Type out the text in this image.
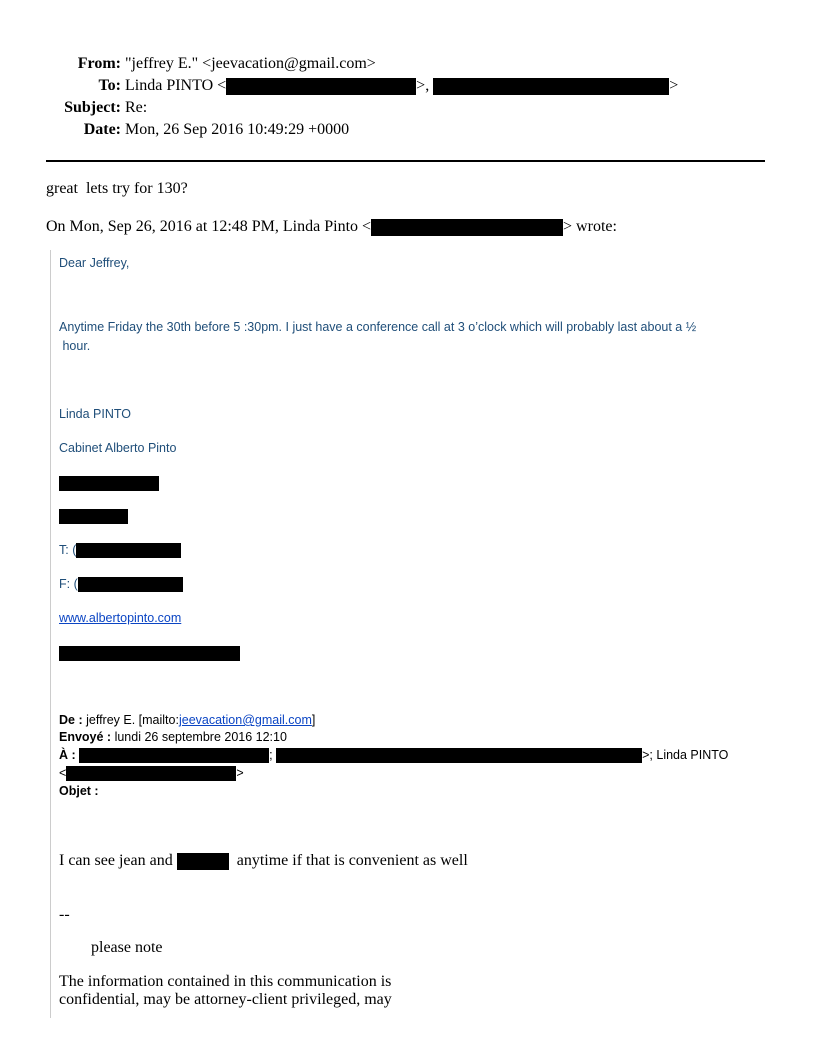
From: "jeffrey E." <jeevacation@gmail.com>
To: Linda PINTO <	>,	>
Subject: Re:
Date: Mon, 26 Sep 2016 10:49:29 +0000
great  lets try for 130?
On Mon, Sep 26, 2016 at 12:48 PM, Linda Pinto <	> wrote:
Dear Jeffrey,
Anytime Friday the 30th before 5 :30pm. I just have a conference call at 3 o’clock which will probably last about a ½
hour.
Linda PINTO
Cabinet Alberto Pinto
T: (
F: (
www.albertopinto.com
De : jeffrey E. [mailto:jeevacation@gmail.com]
Envoyé : lundi 26 septembre 2016 12:10
À :	;	>; Linda PINTO
<	>
Objet :
I can see jean and	anytime if that is convenient as well
--
please note
The information contained in this communication is
confidential, may be attorney-client privileged, may
